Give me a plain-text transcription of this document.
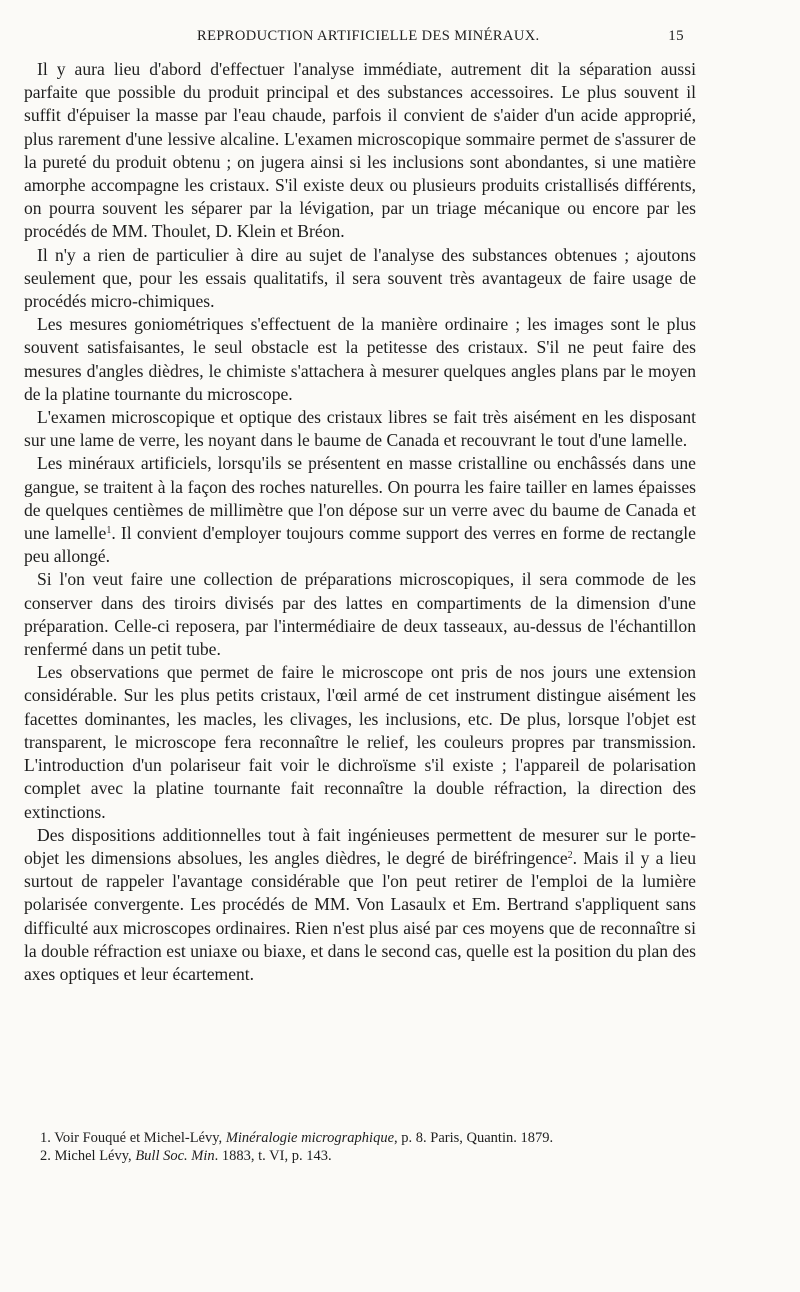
REPRODUCTION ARTIFICIELLE DES MINÉRAUX.	15

Il y aura lieu d'abord d'effectuer l'analyse immédiate, autrement dit la séparation aussi parfaite que possible du produit principal et des substances accessoires. Le plus souvent il suffit d'épuiser la masse par l'eau chaude, parfois il convient de s'aider d'un acide approprié, plus rarement d'une lessive alcaline. L'examen microscopique sommaire permet de s'assurer de la pureté du produit obtenu ; on jugera ainsi si les inclusions sont abondantes, si une matière amorphe accompagne les cristaux. S'il existe deux ou plusieurs produits cristallisés différents, on pourra souvent les séparer par la lévigation, par un triage mécanique ou encore par les procédés de MM. Thoulet, D. Klein et Bréon.

Il n'y a rien de particulier à dire au sujet de l'analyse des substances obtenues ; ajoutons seulement que, pour les essais qualitatifs, il sera souvent très avantageux de faire usage de procédés micro-chimiques.

Les mesures goniométriques s'effectuent de la manière ordinaire ; les images sont le plus souvent satisfaisantes, le seul obstacle est la petitesse des cristaux. S'il ne peut faire des mesures d'angles dièdres, le chimiste s'attachera à mesurer quelques angles plans par le moyen de la platine tournante du microscope.

L'examen microscopique et optique des cristaux libres se fait très aisément en les disposant sur une lame de verre, les noyant dans le baume de Canada et recouvrant le tout d'une lamelle.

Les minéraux artificiels, lorsqu'ils se présentent en masse cristalline ou enchâssés dans une gangue, se traitent à la façon des roches naturelles. On pourra les faire tailler en lames épaisses de quelques centièmes de millimètre que l'on dépose sur un verre avec du baume de Canada et une lamelle$^1$. Il convient d'employer toujours comme support des verres en forme de rectangle peu allongé.

Si l'on veut faire une collection de préparations microscopiques, il sera commode de les conserver dans des tiroirs divisés par des lattes en compartiments de la dimension d'une préparation. Celle-ci reposera, par l'intermédiaire de deux tasseaux, au-dessus de l'échantillon renfermé dans un petit tube.

Les observations que permet de faire le microscope ont pris de nos jours une extension considérable. Sur les plus petits cristaux, l'œil armé de cet instrument distingue aisément les facettes dominantes, les macles, les clivages, les inclusions, etc. De plus, lorsque l'objet est transparent, le microscope fera reconnaître le relief, les couleurs propres par transmission. L'introduction d'un polariseur fait voir le dichroïsme s'il existe ; l'appareil de polarisation complet avec la platine tournante fait reconnaître la double réfraction, la direction des extinctions.

Des dispositions additionnelles tout à fait ingénieuses permettent de mesurer sur le porte-objet les dimensions absolues, les angles dièdres, le degré de biréfringence$^2$. Mais il y a lieu surtout de rappeler l'avantage considérable que l'on peut retirer de l'emploi de la lumière polarisée convergente. Les procédés de MM. Von Lasaulx et Em. Bertrand s'appliquent sans difficulté aux microscopes ordinaires. Rien n'est plus aisé par ces moyens que de reconnaître si la double réfraction est uniaxe ou biaxe, et dans le second cas, quelle est la position du plan des axes optiques et leur écartement.

1. Voir Fouqué et Michel-Lévy, Minéralogie micrographique, p. 8. Paris, Quantin. 1879.

2. Michel Lévy, Bull Soc. Min. 1883, t. VI, p. 143.
